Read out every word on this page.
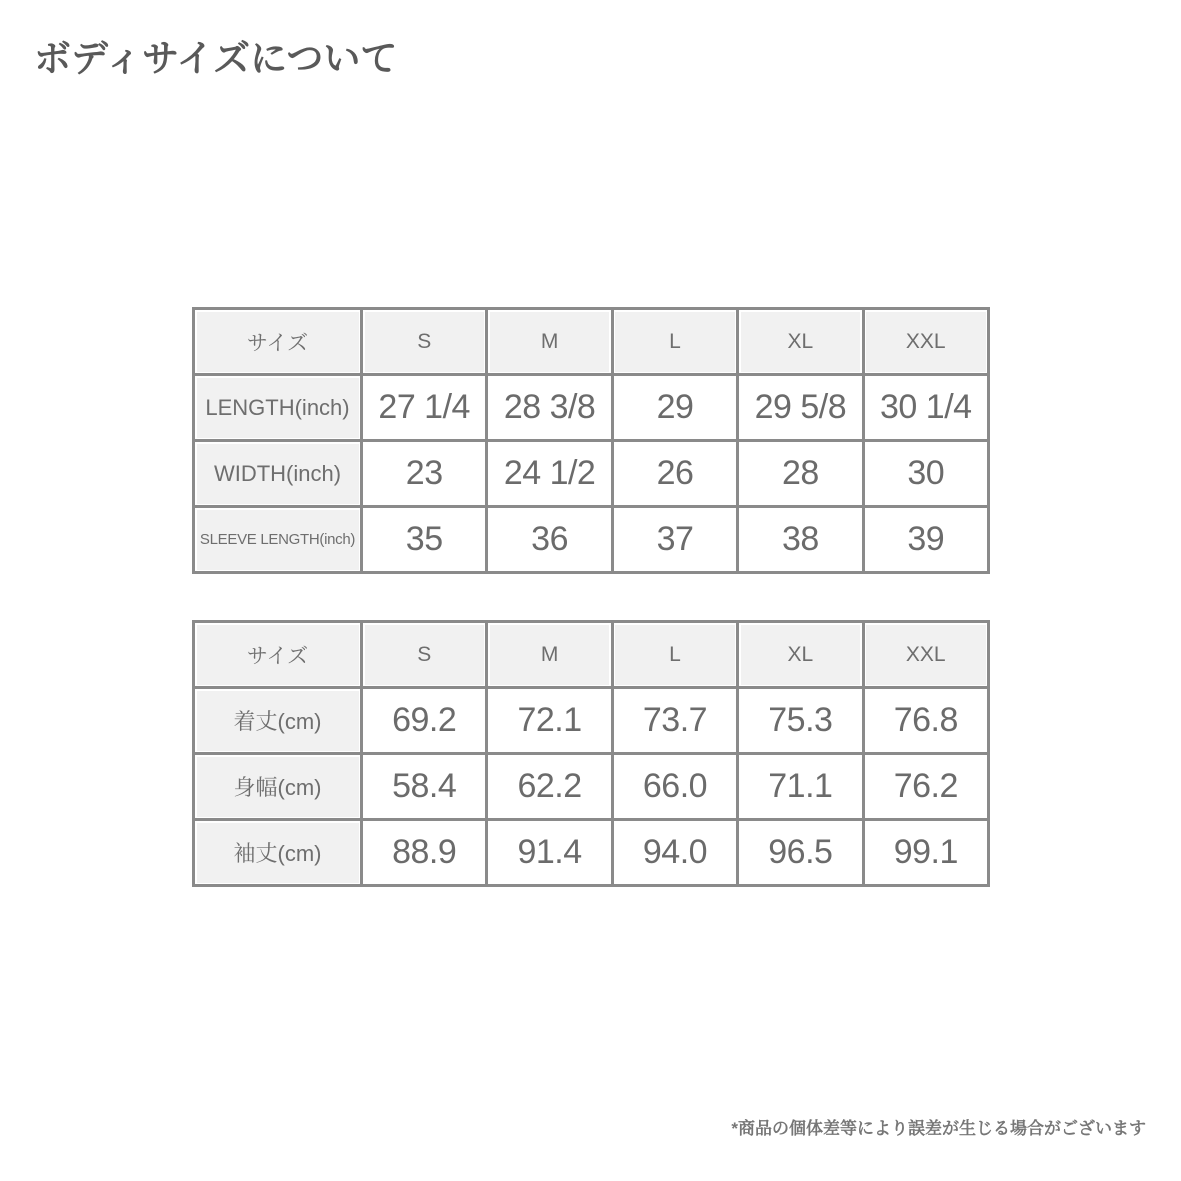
ボディサイズについて
サイズ	S	M	L	XL	XXL
LENGTH(inch)	27 1/4	28 3/8	29	29 5/8	30 1/4
WIDTH(inch)	23	24 1/2	26	28	30
SLEEVE LENGTH(inch)	35	36	37	38	39
サイズ	S	M	L	XL	XXL
着丈(cm)	69.2	72.1	73.7	75.3	76.8
身幅(cm)	58.4	62.2	66.0	71.1	76.2
袖丈(cm)	88.9	91.4	94.0	96.5	99.1
*商品の個体差等により誤差が生じる場合がございます
